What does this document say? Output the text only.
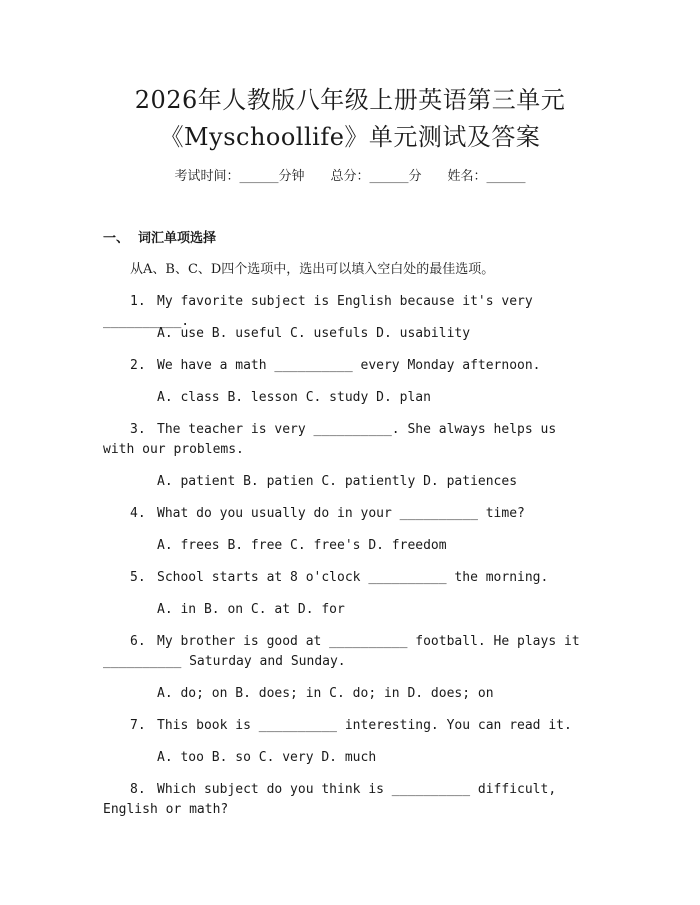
2026年人教版八年级上册英语第三单元
《Myschoollife》单元测试及答案
考试时间：______分钟　　总分：______分　　姓名：______
一、 词汇单项选择
从A、B、C、D四个选项中，选出可以填入空白处的最佳选项。
1. My favorite subject is English because it's very __________.
A. use B. useful C. usefuls D. usability
2. We have a math __________ every Monday afternoon.
A. class B. lesson C. study D. plan
3. The teacher is very __________. She always helps us with our problems.
A. patient B. patien C. patiently D. patiences
4. What do you usually do in your __________ time?
A. frees B. free C. free's D. freedom
5. School starts at 8 o'clock __________ the morning.
A. in B. on C. at D. for
6. My brother is good at __________ football. He plays it __________ Saturday and Sunday.
A. do; on B. does; in C. do; in D. does; on
7. This book is __________ interesting. You can read it.
A. too B. so C. very D. much
8. Which subject do you think is __________ difficult, English or math?
